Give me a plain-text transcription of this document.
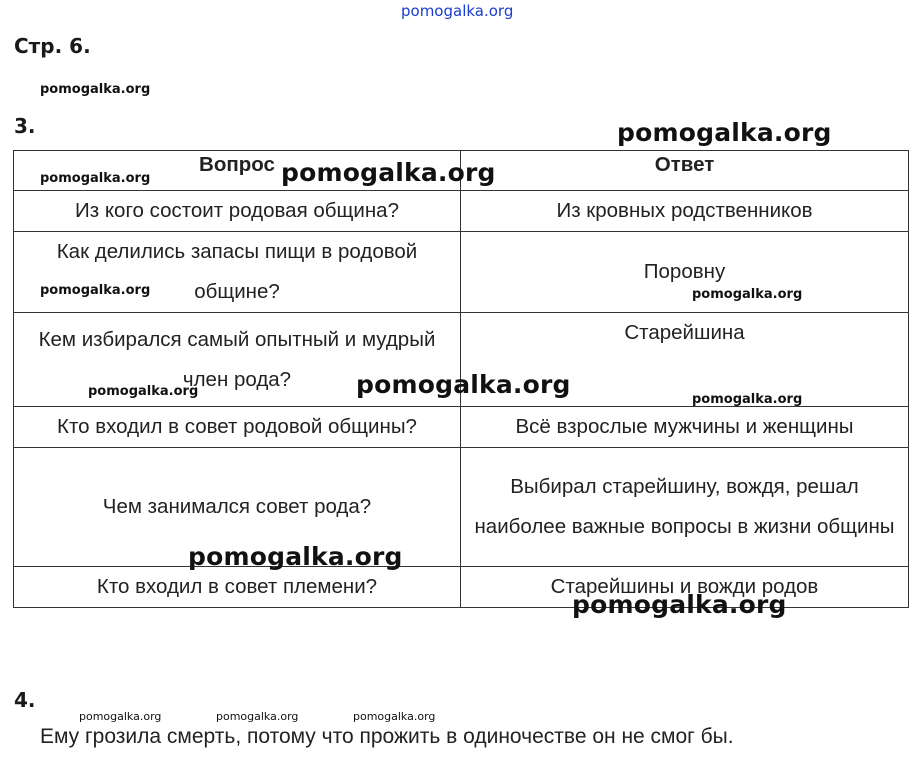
pomogalka.org
Стр. 6.
pomogalka.org
3.
Вопрос	Ответ
Из кого состоит родовая община?	Из кровных родственников
Как делились запасы пищи в родовой общине?	Поровну
Кем избирался самый опытный и мудрый член рода?	Старейшина
Кто входил в совет родовой общины?	Всё взрослые мужчины и женщины
Чем занимался совет рода?	Выбирал старейшину, вождя, решал наиболее важные вопросы в жизни общины
Кто входил в совет племени?	Старейшины и вожди родов
pomogalka.org
pomogalka.org	pomogalka.org
pomogalka.org	pomogalka.org
pomogalka.org
pomogalka.org
pomogalka.org
pomogalka.org
pomogalka.org
4.
pomogalka.org	pomogalka.org	pomogalka.org
Ему грозила смерть, потому что прожить в одиночестве он не смог бы.
